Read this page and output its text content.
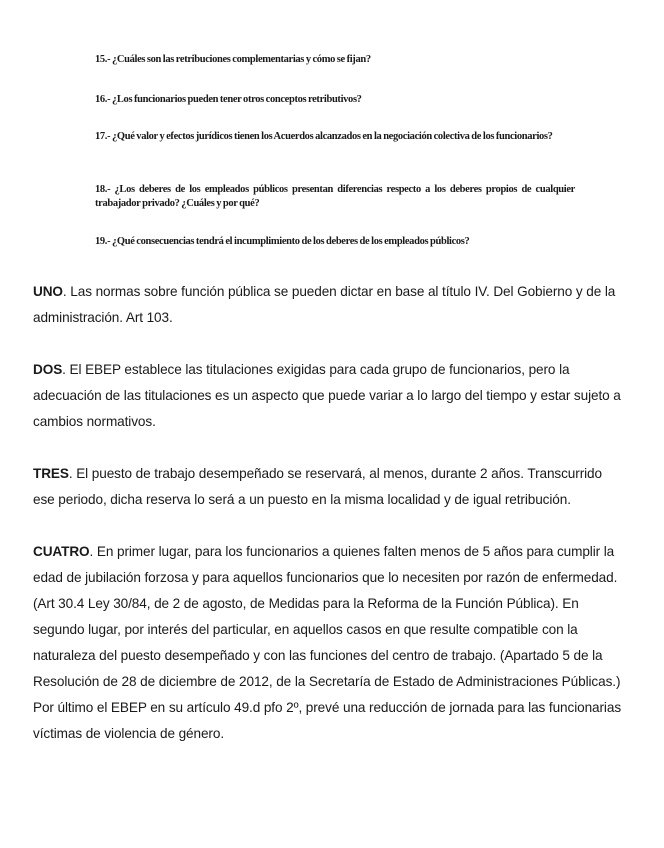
15.- ¿Cuáles son las retribuciones complementarias y cómo se fijan?

16.- ¿Los funcionarios pueden tener otros conceptos retributivos?

17.- ¿Qué valor y efectos jurídicos tienen los Acuerdos alcanzados en la negociación colectiva de los funcionarios?

18.- ¿Los deberes de los empleados públicos presentan diferencias respecto a los deberes propios de cualquier trabajador privado? ¿Cuáles y por qué?

19.- ¿Qué consecuencias tendrá el incumplimiento de los deberes de los empleados públicos?

UNO. Las normas sobre función pública se pueden dictar en base al título IV. Del Gobierno y de la administración. Art 103.

DOS. El EBEP establece las titulaciones exigidas para cada grupo de funcionarios, pero la adecuación de las titulaciones es un aspecto que puede variar a lo largo del tiempo y estar sujeto a cambios normativos.

TRES. El puesto de trabajo desempeñado se reservará, al menos, durante 2 años. Transcurrido ese periodo, dicha reserva lo será a un puesto en la misma localidad y de igual retribución.

CUATRO. En primer lugar, para los funcionarios a quienes falten menos de 5 años para cumplir la edad de jubilación forzosa y para aquellos funcionarios que lo necesiten por razón de enfermedad. (Art 30.4 Ley 30/84, de 2 de agosto, de Medidas para la Reforma de la Función Pública). En segundo lugar, por interés del particular, en aquellos casos en que resulte compatible con la naturaleza del puesto desempeñado y con las funciones del centro de trabajo. (Apartado 5 de la Resolución de 28 de diciembre de 2012, de la Secretaría de Estado de Administraciones Públicas.) Por último el EBEP en su artículo 49.d pfo 2º, prevé una reducción de jornada para las funcionarias víctimas de violencia de género.
